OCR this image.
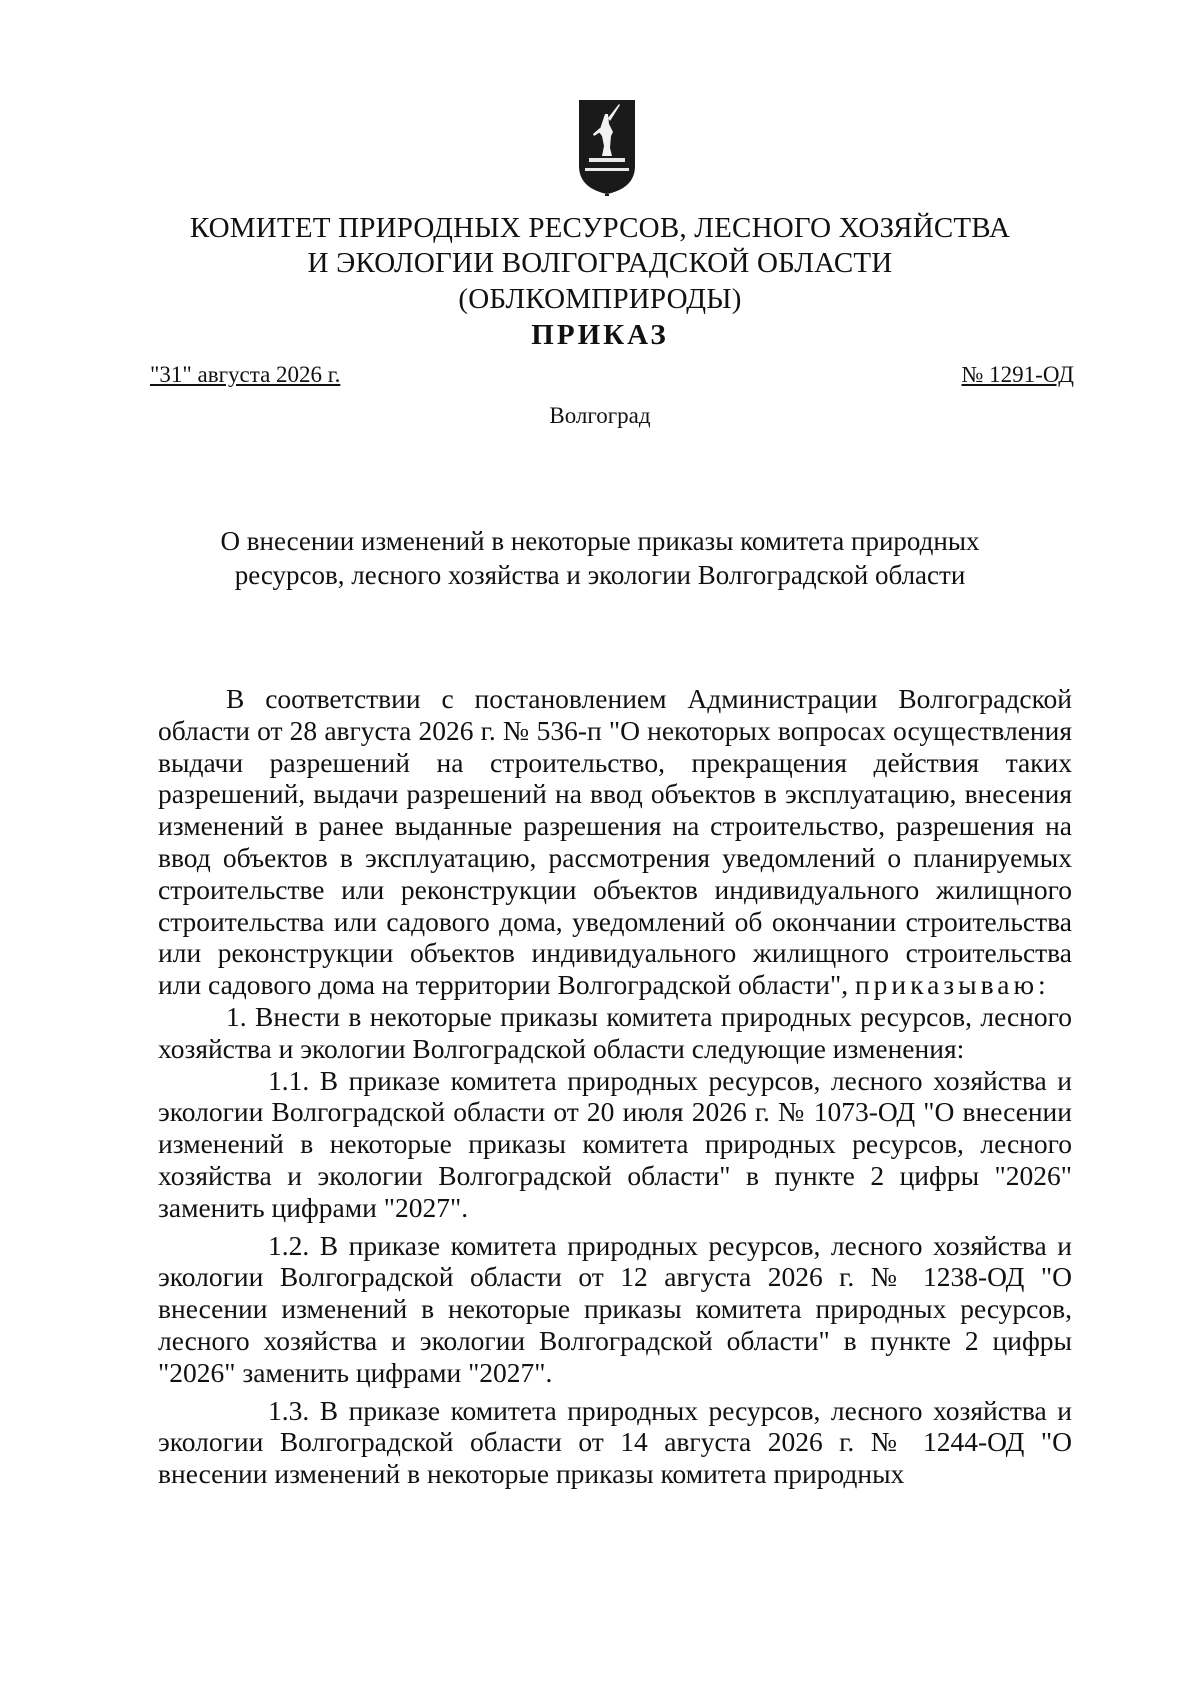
КОМИТЕТ ПРИРОДНЫХ РЕСУРСОВ, ЛЕСНОГО ХОЗЯЙСТВА
И ЭКОЛОГИИ ВОЛГОГРАДСКОЙ ОБЛАСТИ
(ОБЛКОМПРИРОДЫ)
ПРИКАЗ
"31" августа 2026 г.	№ 1291-ОД
Волгоград
О внесении изменений в некоторые приказы комитета природных
ресурсов, лесного хозяйства и экологии Волгоградской области

В соответствии с постановлением Администрации Волгоградской области от 28 августа 2026 г. № 536-п "О некоторых вопросах осуществления выдачи разрешений на строительство, прекращения действия таких разрешений, выдачи разрешений на ввод объектов в эксплуатацию, внесения изменений в ранее выданные разрешения на строительство, разрешения на ввод объектов в эксплуатацию, рассмотрения уведомлений о планируемых строительстве или реконструкции объектов индивидуального жилищного строительства или садового дома, уведомлений об окончании строительства или реконструкции объектов индивидуального жилищного строительства или садового дома на территории Волгоградской области", приказываю:

1. Внести в некоторые приказы комитета природных ресурсов, лесного хозяйства и экологии Волгоградской области следующие изменения:

1.1. В приказе комитета природных ресурсов, лесного хозяйства и экологии Волгоградской области от 20 июля 2026 г. № 1073-ОД "О внесении изменений в некоторые приказы комитета природных ресурсов, лесного хозяйства и экологии Волгоградской области" в пункте 2 цифры "2026" заменить цифрами "2027".

1.2. В приказе комитета природных ресурсов, лесного хозяйства и экологии Волгоградской области от 12 августа 2026 г. № 1238-ОД "О внесении изменений в некоторые приказы комитета природных ресурсов, лесного хозяйства и экологии Волгоградской области" в пункте 2 цифры "2026" заменить цифрами "2027".

1.3. В приказе комитета природных ресурсов, лесного хозяйства и экологии Волгоградской области от 14 августа 2026 г. № 1244-ОД "О внесении изменений в некоторые приказы комитета природных
